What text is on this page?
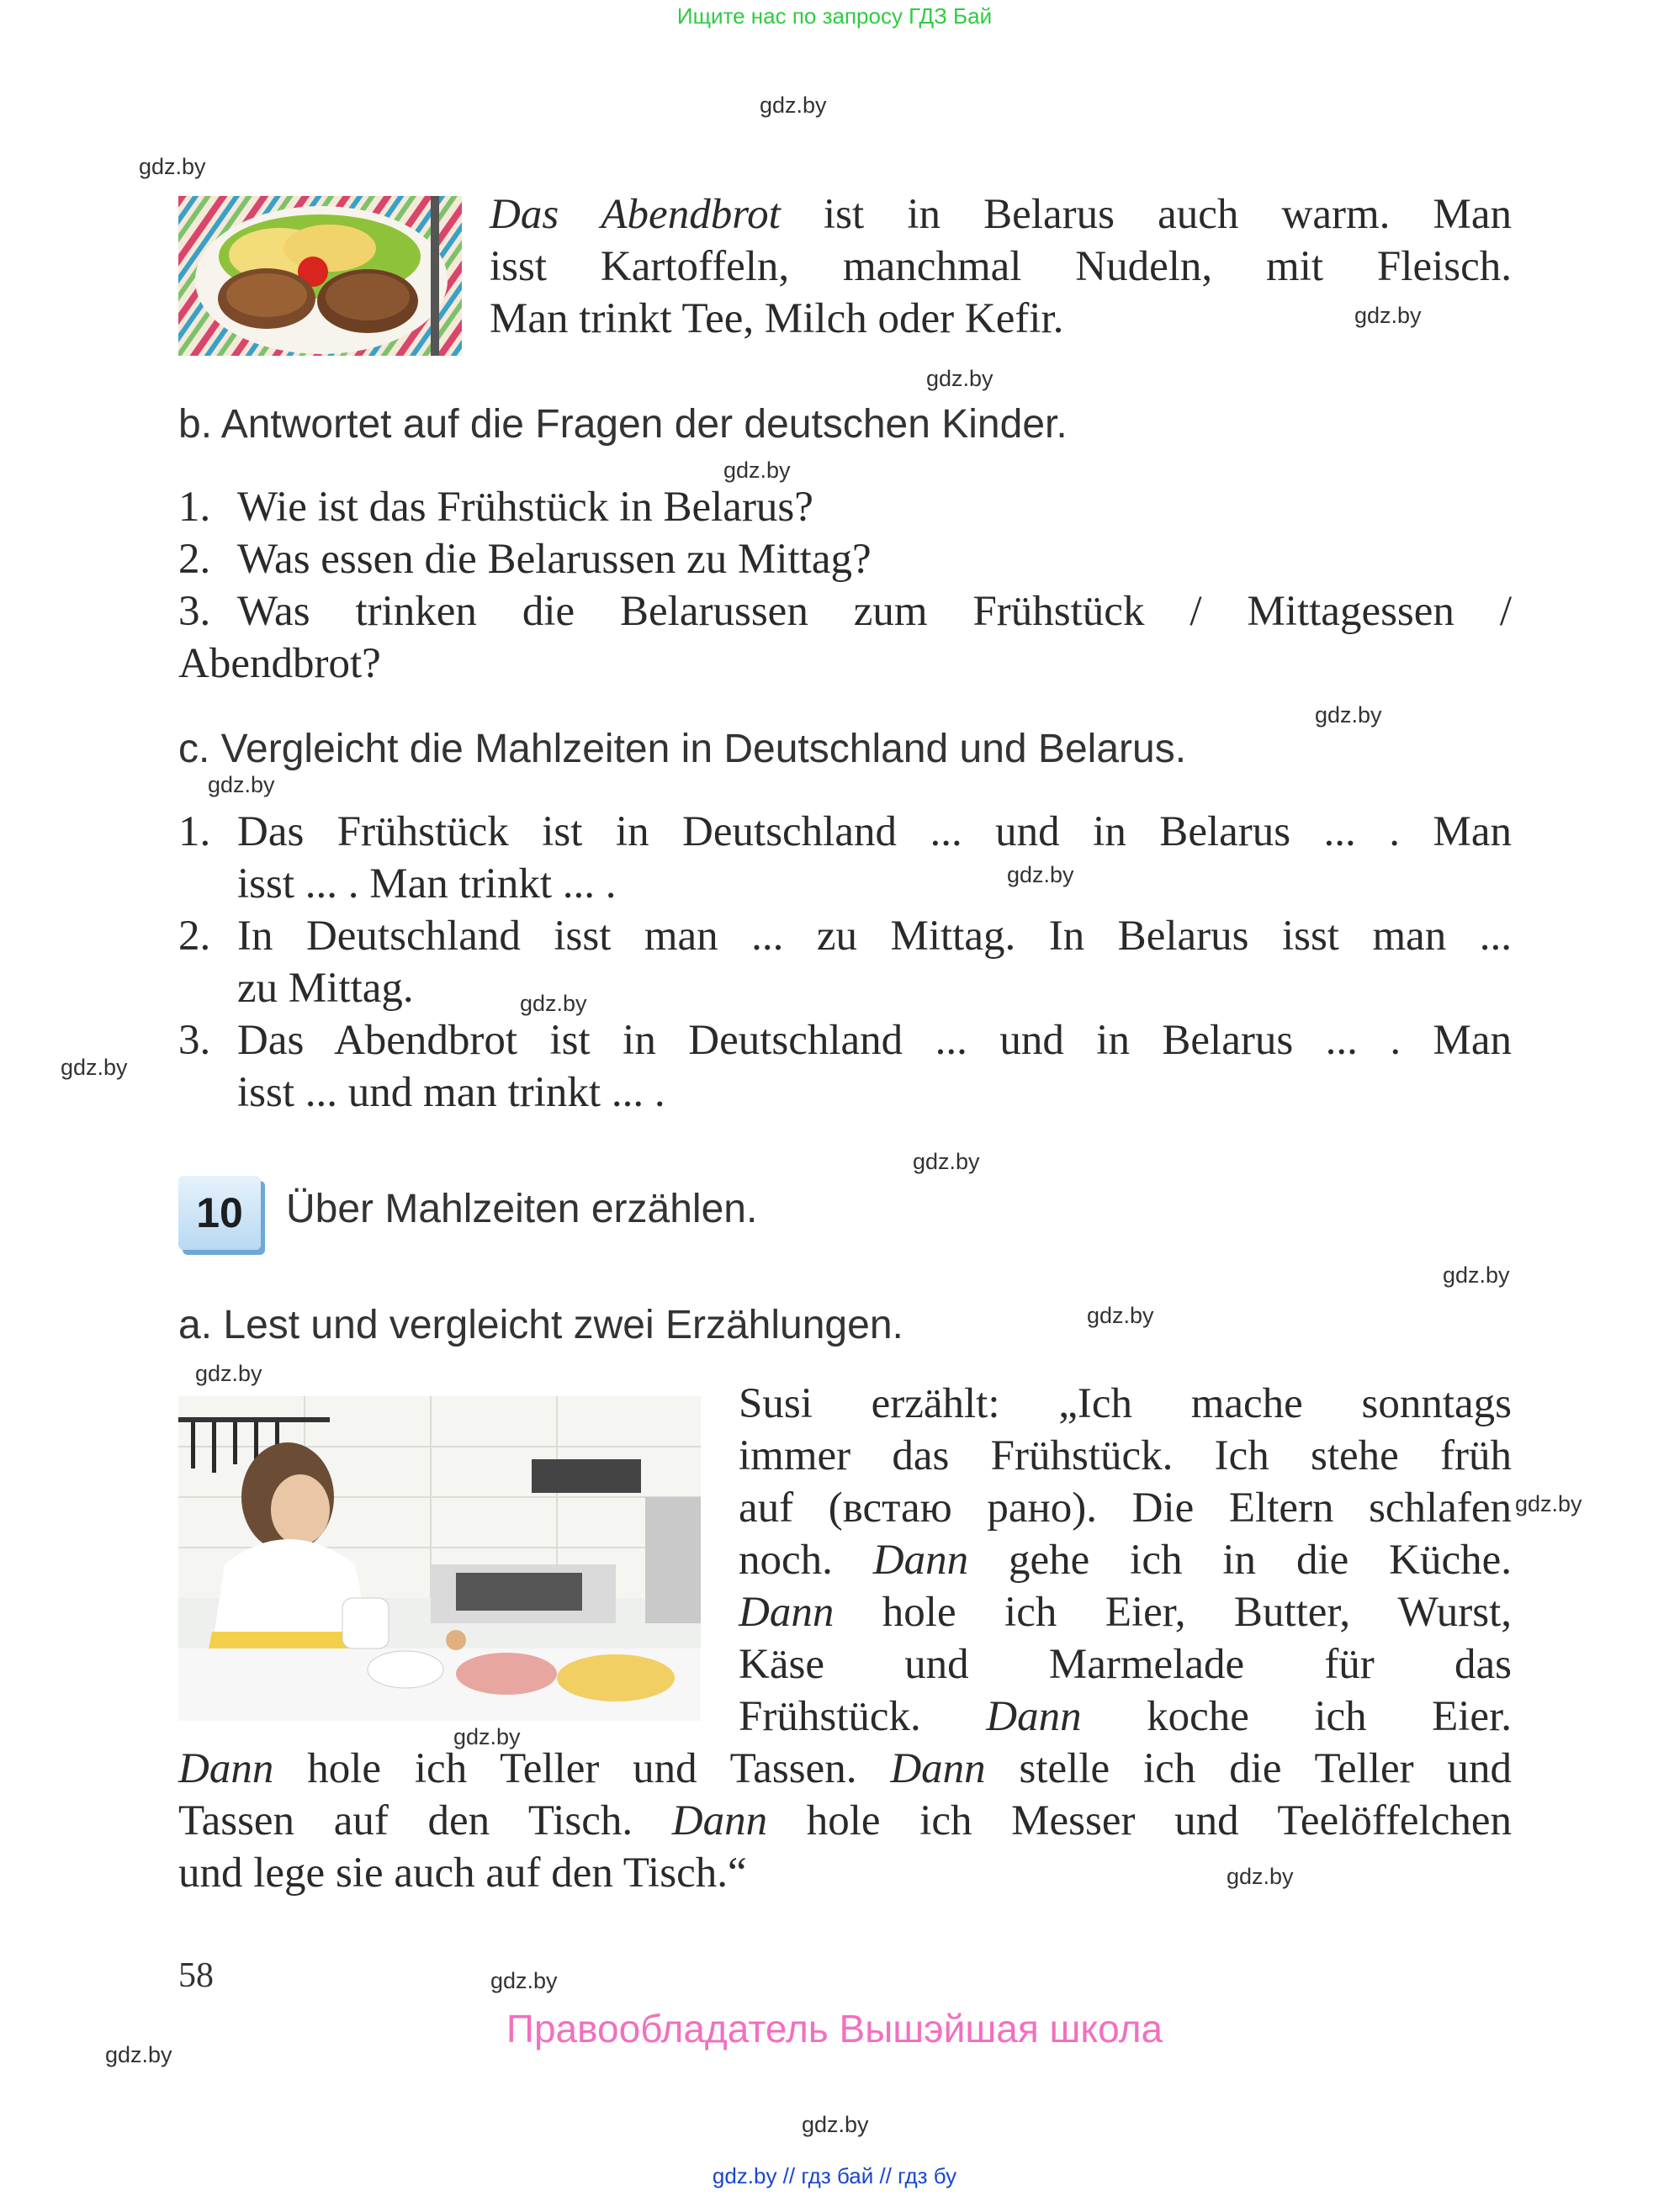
Ищите нас по запросу ГДЗ Бай
gdz.by
gdz.by
gdz.by
gdz.by
gdz.by
gdz.by
gdz.by
gdz.by
gdz.by
gdz.by
gdz.by
gdz.by
gdz.by
gdz.by
gdz.by
gdz.by
gdz.by
gdz.by
gdz.by
gdz.by
Das Abendbrot ist in Belarus auch warm. Man
isst Kartoffeln, manchmal Nudeln, mit Fleisch.
Man trinkt Tee, Milch oder Kefir.
b. Antwortet auf die Fragen der deutschen Kinder.
1. Wie ist das Frühstück in Belarus?
2. Was essen die Belarussen zu Mittag?
3. Was trinken die Belarussen zum Frühstück / Mittagessen /
Abendbrot?
c. Vergleicht die Mahlzeiten in Deutschland und Belarus.
1. Das Frühstück ist in Deutschland ... und in Belarus ... . Man
isst ... . Man trinkt ... .
2. In Deutschland isst man ... zu Mittag. In Belarus isst man ...
zu Mittag.
3. Das Abendbrot ist in Deutschland ... und in Belarus ... . Man
isst ... und man trinkt ... .
10	Über Mahlzeiten erzählen.
a. Lest und vergleicht zwei Erzählungen.
Susi erzählt: „Ich mache sonntags
immer das Frühstück. Ich stehe früh
auf (встаю рано). Die Eltern schlafen
noch. Dann gehe ich in die Küche.
Dann hole ich Eier, Butter, Wurst,
Käse und Marmelade für das
Frühstück. Dann koche ich Eier.
Dann hole ich Teller und Tassen. Dann stelle ich die Teller und
Tassen auf den Tisch. Dann hole ich Messer und Teelöffelchen
und lege sie auch auf den Tisch.“
58
Правообладатель Вышэйшая школа
gdz.by // гдз бай // гдз бу
